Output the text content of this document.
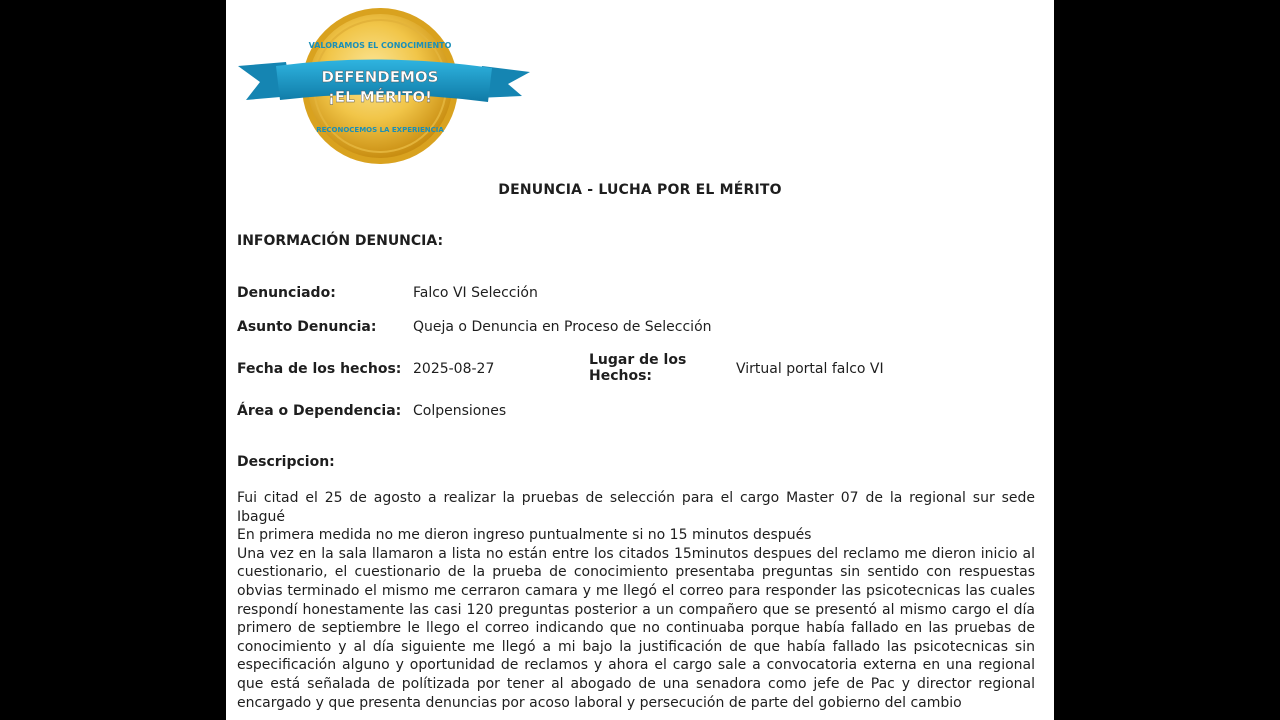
VALORAMOS EL CONOCIMIENTO
DEFENDEMOS
¡EL MÉRITO!
RECONOCEMOS LA EXPERIENCIA
DENUNCIA - LUCHA POR EL MÉRITO
INFORMACIÓN DENUNCIA:
Denunciado:	Falco VI Selección
Asunto Denuncia:	Queja o Denuncia en Proceso de Selección
Fecha de los hechos: 2025-08-27
Lugar de los
Hechos:	Virtual portal falco VI
Área o Dependencia: Colpensiones
Descripcion:

Fui citad el 25 de agosto a realizar la pruebas de selección para el cargo Master 07 de la regional sur sede Ibagué

En primera medida no me dieron ingreso puntualmente si no 15 minutos después

Una vez en la sala llamaron a lista no están entre los citados 15minutos despues del reclamo me dieron inicio al cuestionario, el cuestionario de la prueba de conocimiento presentaba preguntas sin sentido con respuestas obvias terminado el mismo me cerraron camara y me llegó el correo para responder las psicotecnicas las cuales respondí honestamente las casi 120 preguntas posterior a un compañero que se presentó al mismo cargo el día primero de septiembre le llego el correo indicando que no continuaba porque había fallado en las pruebas de conocimiento y al día siguiente me llegó a mi bajo la justificación de que había fallado las psicotecnicas sin especificación alguno y oportunidad de reclamos y ahora el cargo sale a convocatoria externa en una regional que está señalada de polítizada por tener al abogado de una senadora como jefe de Pac y director regional encargado y que presenta denuncias por acoso laboral y persecución de parte del gobierno del cambio
